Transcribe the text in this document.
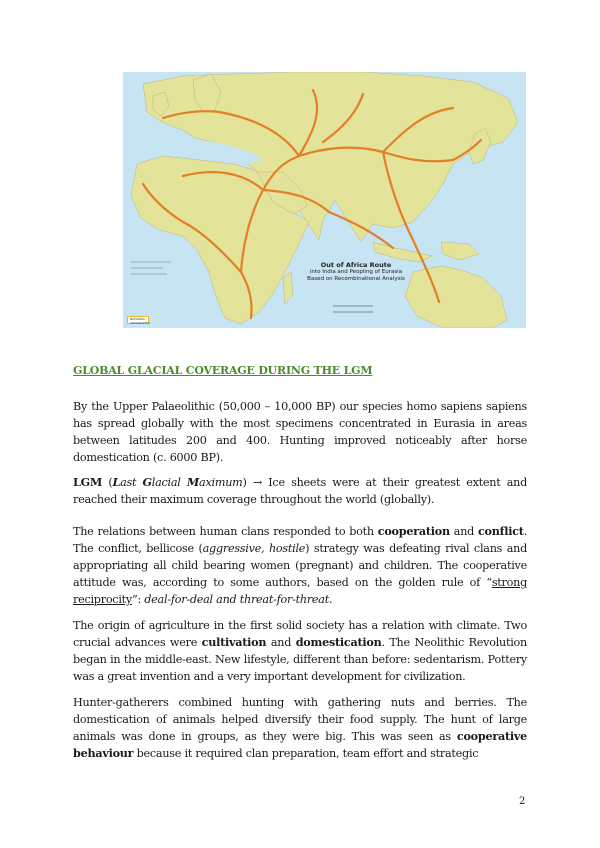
Out of Africa Route
into India and Peopling of Eurasia
Based on Recombinational Analysis
NATIONAL GEOGRAPHIC
GLOBAL GLACIAL COVERAGE DURING THE LGM

By the Upper Palaeolithic (50,000 – 10,000 BP) our species homo sapiens sapiens has spread globally with the most specimens concentrated in Eurasia in areas between latitudes 200 and 400. Hunting improved noticeably after horse domestication (c. 6000 BP).

LGM (Last Glacial Maximum) → Ice sheets were at their greatest extent and reached their maximum coverage throughout the world (globally).

The relations between human clans responded to both cooperation and conflict. The conflict, bellicose (aggressive, hostile) strategy was defeating rival clans and appropriating all child bearing women (pregnant) and children. The cooperative attitude was, according to some authors, based on the golden rule of “strong reciprocity”: deal-for-deal and threat-for-threat.

The origin of agriculture in the first solid society has a relation with climate. Two crucial advances were cultivation and domestication. The Neolithic Revolution began in the middle-east. New lifestyle, different than before: sedentarism. Pottery was a great invention and a very important development for civilization.

Hunter-gatherers combined hunting with gathering nuts and berries. The domestication of animals helped diversify their food supply. The hunt of large animals was done in groups, as they were big. This was seen as cooperative behaviour because it required clan preparation, team effort and strategic

2
